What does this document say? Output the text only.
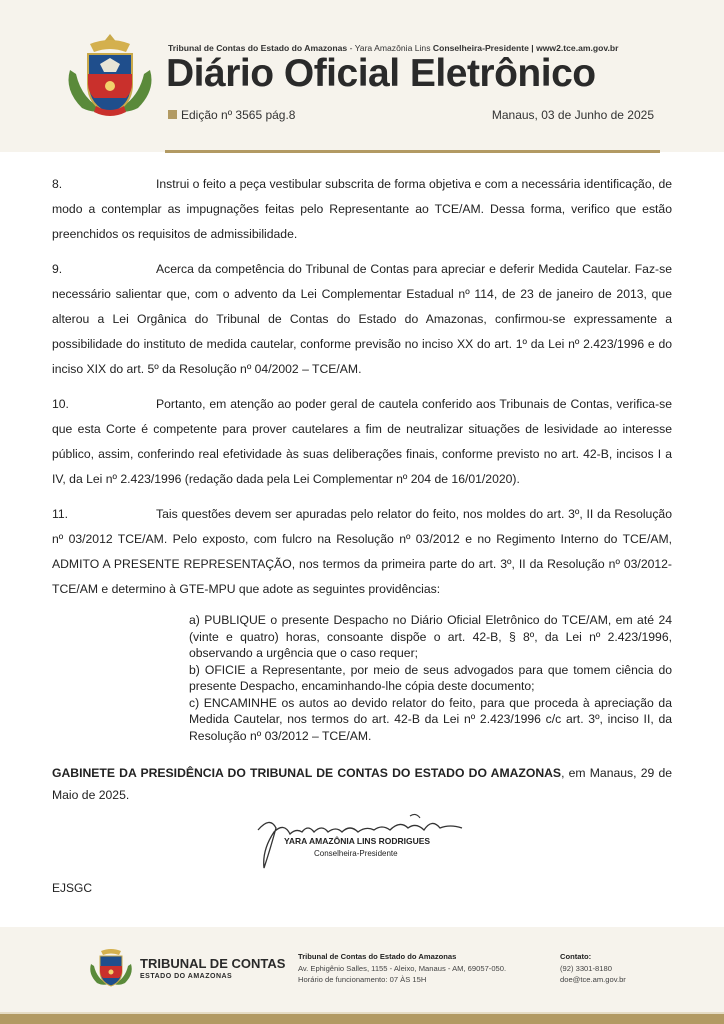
Tribunal de Contas do Estado do Amazonas - Yara Amazônia Lins Conselheira-Presidente | www2.tce.am.gov.br
Diário Oficial Eletrônico
Edição nº 3565 pág.8	Manaus, 03 de Junho de 2025

8.	Instrui o feito a peça vestibular subscrita de forma objetiva e com a necessária identificação, de modo a contemplar as impugnações feitas pelo Representante ao TCE/AM. Dessa forma, verifico que estão preenchidos os requisitos de admissibilidade.

9.	Acerca da competência do Tribunal de Contas para apreciar e deferir Medida Cautelar. Faz-se necessário salientar que, com o advento da Lei Complementar Estadual nº 114, de 23 de janeiro de 2013, que alterou a Lei Orgânica do Tribunal de Contas do Estado do Amazonas, confirmou-se expressamente a possibilidade do instituto de medida cautelar, conforme previsão no inciso XX do art. 1º da Lei nº 2.423/1996 e do inciso XIX do art. 5º da Resolução nº 04/2002 – TCE/AM.

10.	Portanto, em atenção ao poder geral de cautela conferido aos Tribunais de Contas, verifica-se que esta Corte é competente para prover cautelares a fim de neutralizar situações de lesividade ao interesse público, assim, conferindo real efetividade às suas deliberações finais, conforme previsto no art. 42-B, incisos I a IV, da Lei nº 2.423/1996 (redação dada pela Lei Complementar nº 204 de 16/01/2020).

11.	Tais questões devem ser apuradas pelo relator do feito, nos moldes do art. 3º, II da Resolução nº 03/2012 TCE/AM. Pelo exposto, com fulcro na Resolução nº 03/2012 e no Regimento Interno do TCE/AM, ADMITO A PRESENTE REPRESENTAÇÃO, nos termos da primeira parte do art. 3º, II da Resolução nº 03/2012-TCE/AM e determino à GTE-MPU que adote as seguintes providências:

a) PUBLIQUE o presente Despacho no Diário Oficial Eletrônico do TCE/AM, em até 24 (vinte e quatro) horas, consoante dispõe o art. 42-B, § 8º, da Lei nº 2.423/1996, observando a urgência que o caso requer;

b) OFICIE a Representante, por meio de seus advogados para que tomem ciência do presente Despacho, encaminhando-lhe cópia deste documento;

c) ENCAMINHE os autos ao devido relator do feito, para que proceda à apreciação da Medida Cautelar, nos termos do art. 42-B da Lei nº 2.423/1996 c/c art. 3º, inciso II, da Resolução nº 03/2012 – TCE/AM.

GABINETE DA PRESIDÊNCIA DO TRIBUNAL DE CONTAS DO ESTADO DO AMAZONAS, em Manaus, 29 de Maio de 2025.
YARA AMAZÔNIA LINS RODRIGUES
Conselheira-Presidente
EJSGC
TRIBUNAL DE CONTAS
ESTADO DO AMAZONAS
Tribunal de Contas do Estado do Amazonas
Av. Ephigênio Salles, 1155 - Aleixo, Manaus - AM, 69057-050.
Horário de funcionamento: 07 ÀS 15H
Contato:
(92) 3301-8180
doe@tce.am.gov.br
